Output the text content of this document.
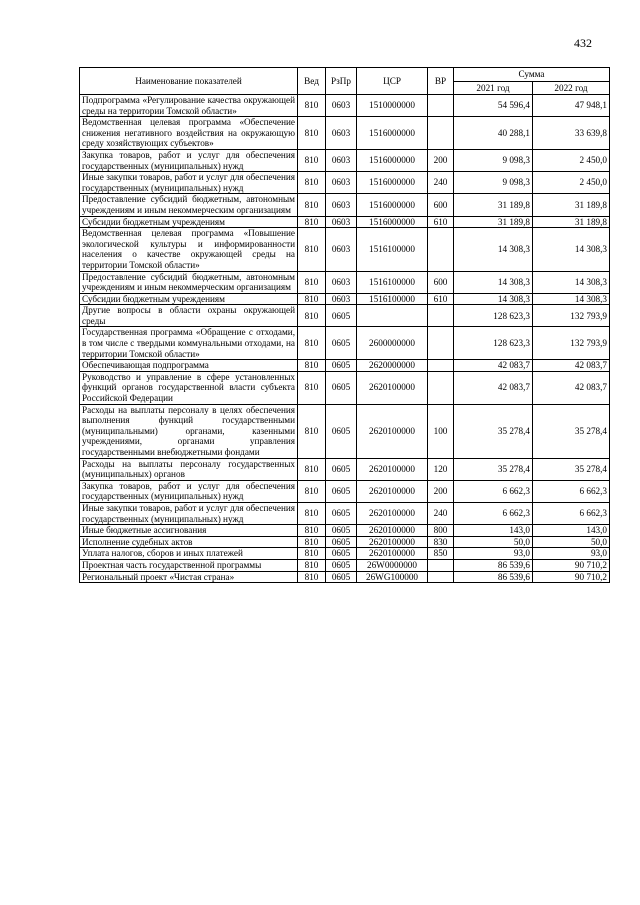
432
Наименование показателей	Вед	РзПр	ЦСР	ВР	Сумма	
					2021 год	2022 год
Подпрограмма «Регулирование качества окружающей среды на территории Томской области»	810	0603	1510000000		54 596,4	47 948,1
Ведомственная целевая программа «Обеспечение снижения негативного воздействия на окружающую среду хозяйствующих субъектов»	810	0603	1516000000		40 288,1	33 639,8
Закупка товаров, работ и услуг для обеспечения государственных (муниципальных) нужд	810	0603	1516000000	200	9 098,3	2 450,0
Иные закупки товаров, работ и услуг для обеспечения государственных (муниципальных) нужд	810	0603	1516000000	240	9 098,3	2 450,0
Предоставление субсидий бюджетным, автономным учреждениям и иным некоммерческим организациям	810	0603	1516000000	600	31 189,8	31 189,8
Субсидии бюджетным учреждениям	810	0603	1516000000	610	31 189,8	31 189,8
Ведомственная целевая программа «Повышение экологической культуры и информированности населения о качестве окружающей среды на территории Томской области»	810	0603	1516100000		14 308,3	14 308,3
Предоставление субсидий бюджетным, автономным учреждениям и иным некоммерческим организациям	810	0603	1516100000	600	14 308,3	14 308,3
Субсидии бюджетным учреждениям	810	0603	1516100000	610	14 308,3	14 308,3
Другие вопросы в области охраны окружающей среды	810	0605			128 623,3	132 793,9
Государственная программа «Обращение с отходами, в том числе с твердыми коммунальными отходами, на территории Томской области»	810	0605	2600000000		128 623,3	132 793,9
Обеспечивающая подпрограмма	810	0605	2620000000		42 083,7	42 083,7
Руководство и управление в сфере установленных функций органов государственной власти субъекта Российской Федерации	810	0605	2620100000		42 083,7	42 083,7
Расходы на выплаты персоналу в целях обеспечения выполнения функций государственными (муниципальными) органами, казенными учреждениями, органами управления государственными внебюджетными фондами	810	0605	2620100000	100	35 278,4	35 278,4
Расходы на выплаты персоналу государственных (муниципальных) органов	810	0605	2620100000	120	35 278,4	35 278,4
Закупка товаров, работ и услуг для обеспечения государственных (муниципальных) нужд	810	0605	2620100000	200	6 662,3	6 662,3
Иные закупки товаров, работ и услуг для обеспечения государственных (муниципальных) нужд	810	0605	2620100000	240	6 662,3	6 662,3
Иные бюджетные ассигнования	810	0605	2620100000	800	143,0	143,0
Исполнение судебных актов	810	0605	2620100000	830	50,0	50,0
Уплата налогов, сборов и иных платежей	810	0605	2620100000	850	93,0	93,0
Проектная часть государственной программы	810	0605	26W0000000		86 539,6	90 710,2
Региональный проект «Чистая страна»	810	0605	26WG100000		86 539,6	90 710,2
